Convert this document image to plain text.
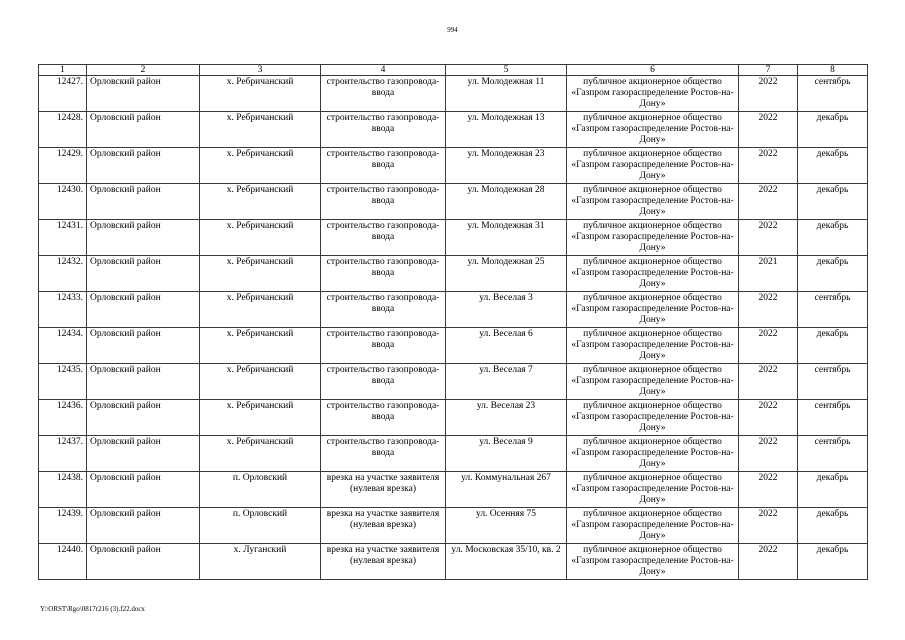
994
1	2	3	4	5	6	7	8
12427.	Орловский район	х. Ребричанский	строительство газопровода-ввода	ул. Молодежная 11	публичное акционерное общество «Газпром газораспределение Ростов-на-Дону»	2022	сентябрь
12428.	Орловский район	х. Ребричанский	строительство газопровода-ввода	ул. Молодежная 13	публичное акционерное общество «Газпром газораспределение Ростов-на-Дону»	2022	декабрь
12429.	Орловский район	х. Ребричанский	строительство газопровода-ввода	ул. Молодежная 23	публичное акционерное общество «Газпром газораспределение Ростов-на-Дону»	2022	декабрь
12430.	Орловский район	х. Ребричанский	строительство газопровода-ввода	ул. Молодежная 28	публичное акционерное общество «Газпром газораспределение Ростов-на-Дону»	2022	декабрь
12431.	Орловский район	х. Ребричанский	строительство газопровода-ввода	ул. Молодежная 31	публичное акционерное общество «Газпром газораспределение Ростов-на-Дону»	2022	декабрь
12432.	Орловский район	х. Ребричанский	строительство газопровода-ввода	ул. Молодежная 25	публичное акционерное общество «Газпром газораспределение Ростов-на-Дону»	2021	декабрь
12433.	Орловский район	х. Ребричанский	строительство газопровода-ввода	ул. Веселая 3	публичное акционерное общество «Газпром газораспределение Ростов-на-Дону»	2022	сентябрь
12434.	Орловский район	х. Ребричанский	строительство газопровода-ввода	ул. Веселая 6	публичное акционерное общество «Газпром газораспределение Ростов-на-Дону»	2022	декабрь
12435.	Орловский район	х. Ребричанский	строительство газопровода-ввода	ул. Веселая 7	публичное акционерное общество «Газпром газораспределение Ростов-на-Дону»	2022	сентябрь
12436.	Орловский район	х. Ребричанский	строительство газопровода-ввода	ул. Веселая 23	публичное акционерное общество «Газпром газораспределение Ростов-на-Дону»	2022	сентябрь
12437.	Орловский район	х. Ребричанский	строительство газопровода-ввода	ул. Веселая 9	публичное акционерное общество «Газпром газораспределение Ростов-на-Дону»	2022	сентябрь
12438.	Орловский район	п. Орловский	врезка на участке заявителя (нулевая врезка)	ул. Коммунальная 267	публичное акционерное общество «Газпром газораспределение Ростов-на-Дону»	2022	декабрь
12439.	Орловский район	п. Орловский	врезка на участке заявителя (нулевая врезка)	ул. Осенняя 75	публичное акционерное общество «Газпром газораспределение Ростов-на-Дону»	2022	декабрь
12440.	Орловский район	х. Луганский	врезка на участке заявителя (нулевая врезка)	ул. Московская 35/10, кв. 2	публичное акционерное общество «Газпром газораспределение Ростов-на-Дону»	2022	декабрь
Y:\ORST\Rgo\0817r216 (3).f22.docx
